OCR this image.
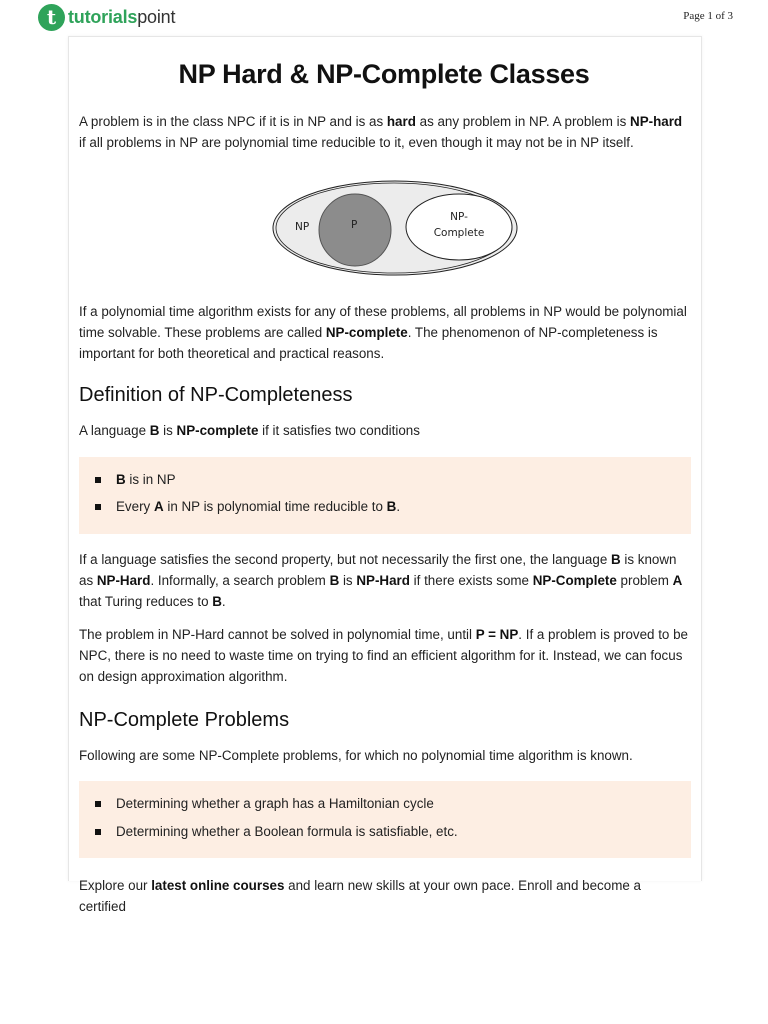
t tutorialspoint	Page 1 of 3
NP Hard & NP-Complete Classes

A problem is in the class NPC if it is in NP and is as hard as any problem in NP. A problem is NP-hard if all problems in NP are polynomial time reducible to it, even though it may not be in NP itself.

NP	P
NP-
Complete

If a polynomial time algorithm exists for any of these problems, all problems in NP would be polynomial time solvable. These problems are called NP-complete. The phenomenon of NP-completeness is important for both theoretical and practical reasons.

Definition of NP-Completeness

A language B is NP-complete if it satisfies two conditions

B is in NP
Every A in NP is polynomial time reducible to B.

If a language satisfies the second property, but not necessarily the first one, the language B is known as NP-Hard. Informally, a search problem B is NP-Hard if there exists some NP-Complete problem A that Turing reduces to B.

The problem in NP-Hard cannot be solved in polynomial time, until P = NP. If a problem is proved to be NPC, there is no need to waste time on trying to find an efficient algorithm for it. Instead, we can focus on design approximation algorithm.

NP-Complete Problems

Following are some NP-Complete problems, for which no polynomial time algorithm is known.

Determining whether a graph has a Hamiltonian cycle
Determining whether a Boolean formula is satisfiable, etc.

Explore our latest online courses and learn new skills at your own pace. Enroll and become a certified
